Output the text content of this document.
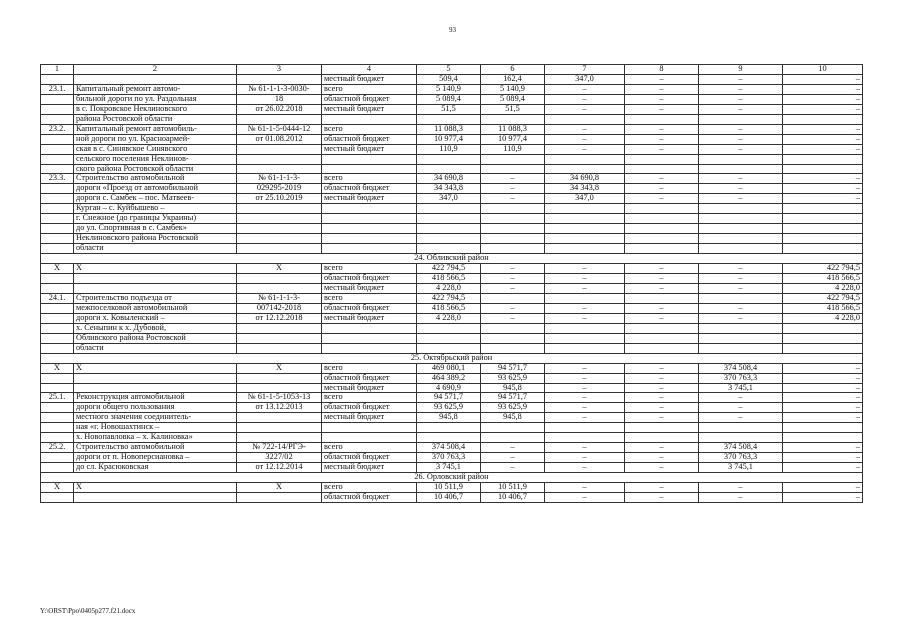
93
1	2	3	4	5	6	7	8	9	10
			местный бюджет	509,4	162,4	347,0	–	–	–
23.1.	Капитальный ремонт автомо-	№ 61-1-1-3-0030-	всего	5 140,9	5 140,9	–	–	–	–
	бильной дороги по ул. Раздольная	18	областной бюджет	5 089,4	5 089,4	–	–	–	–
	в с. Покровское Неклиновского	от 26.02.2018	местный бюджет	51,5	51,5	–	–	–	–
	района Ростовской области								
23.2.	Капитальный ремонт автомобиль-	№ 61-1-5-0444-12	всего	11 088,3	11 088,3	–	–	–	–
	ной дороги по ул. Красноармей-	от 01.08.2012	областной бюджет	10 977,4	10 977,4	–	–	–	–
	ская в с. Синявское Синявского		местный бюджет	110,9	110,9	–	–	–	–
	сельского поселения Неклинов-								
	ского района Ростовской области								
23.3.	Строительство автомобильной	№ 61-1-1-3-	всего	34 690,8	–	34 690,8	–	–	–
	дороги «Проезд от автомобильной	029295-2019	областной бюджет	34 343,8	–	34 343,8	–	–	–
	дороги с. Самбек – пос. Матвеев-	от 25.10.2019	местный бюджет	347,0	–	347,0	–	–	–
	Курган – с. Куйбышево –								
	г. Снежное (до границы Украины)								
	до ул. Спортивная в с. Самбек»								
	Неклиновского района Ростовской								
	области								
24. Обливский район									
Х	Х	Х	всего	422 794,5	–	–	–	–	422 794,5
			областной бюджет	418 566,5	–	–	–	–	418 566,5
			местный бюджет	4 228,0	–	–	–	–	4 228,0
24.1.	Строительство подъезда от	№ 61-1-1-3-	всего	422 794,5					422 794,5
	межпоселковой автомобильной	007142-2018	областной бюджет	418 566,5	–	–	–	–	418 566,5
	дороги х. Ковыленский –	от 12.12.2018	местный бюджет	4 228,0	–	–	–	–	4 228,0
	х. Сеныпин к х. Дубовой,								
	Обливского района Ростовской								
	области								
25. Октябрьский район									
Х	Х	Х	всего	469 080,1	94 571,7	–	–	374 508,4	–
			областной бюджет	464 389,2	93 625,9	–	–	370 763,3	–
			местный бюджет	4 690,9	945,8	–	–	3 745,1	–
25.1.	Реконструкция автомобильной	№ 61-1-5-1053-13	всего	94 571,7	94 571,7	–	–	–	–
	дороги общего пользования	от 13.12.2013	областной бюджет	93 625,9	93 625,9	–	–	–	–
	местного значения соединитель-		местный бюджет	945,8	945,8	–	–	–	–
	ная «г. Новошахтинск –								
	х. Новопавловка – х. Калиновка»								
25.2.	Строительство автомобильной	№ 722-14/РГЭ-	всего	374 508,4	–	–	–	374 508,4	–
	дороги от п. Новоперсиановка –	3227/02	областной бюджет	370 763,3	–	–	–	370 763,3	–
	до сл. Красюковская	от 12.12.2014	местный бюджет	3 745,1	–	–	–	3 745,1	–
26. Орловский район									
Х	Х	Х	всего	10 511,9	10 511,9	–	–	–	–
			областной бюджет	10 406,7	10 406,7	–	–	–	–
Y:\ORST\Ppo\0405p277.f21.docx
